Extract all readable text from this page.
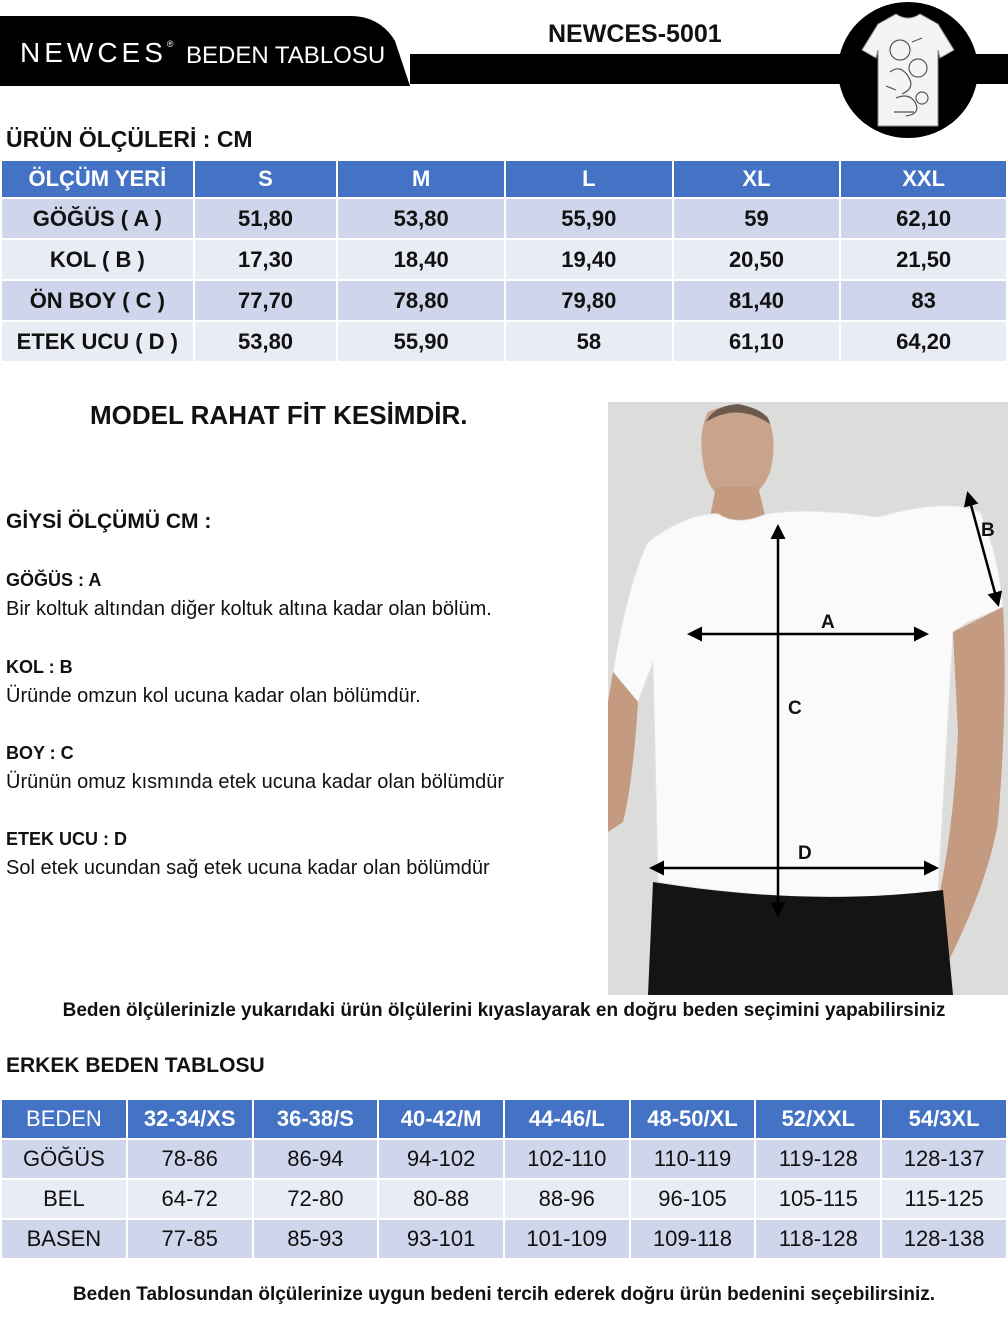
NEWCES® BEDEN TABLOSU
NEWCES-5001
ÜRÜN ÖLÇÜLERİ : CM
ÖLÇÜM YERİ	S	M	L	XL	XXL
GÖĞÜS ( A )	51,80	53,80	55,90	59	62,10
KOL ( B )	17,30	18,40	19,40	20,50	21,50
ÖN BOY ( C )	77,70	78,80	79,80	81,40	83
ETEK UCU ( D )	53,80	55,90	58	61,10	64,20
MODEL RAHAT FİT KESİMDİR.
GİYSİ ÖLÇÜMÜ CM :
GÖĞÜS : A
Bir koltuk altından diğer koltuk altına kadar olan bölüm.
KOL : B
Üründe omzun kol ucuna kadar olan bölümdür.
BOY : C
Ürünün omuz kısmında etek ucuna kadar olan bölümdür
ETEK UCU : D
Sol etek ucundan sağ etek ucuna kadar olan bölümdür
A
B
C
D
Beden ölçülerinizle yukarıdaki ürün ölçülerini kıyaslayarak en doğru beden seçimini yapabilirsiniz
ERKEK BEDEN TABLOSU
BEDEN	32-34/XS	36-38/S	40-42/M	44-46/L	48-50/XL	52/XXL	54/3XL
GÖĞÜS	78-86	86-94	94-102	102-110	110-119	119-128	128-137
BEL	64-72	72-80	80-88	88-96	96-105	105-115	115-125
BASEN	77-85	85-93	93-101	101-109	109-118	118-128	128-138
Beden Tablosundan ölçülerinize uygun bedeni tercih ederek doğru ürün bedenini seçebilirsiniz.
